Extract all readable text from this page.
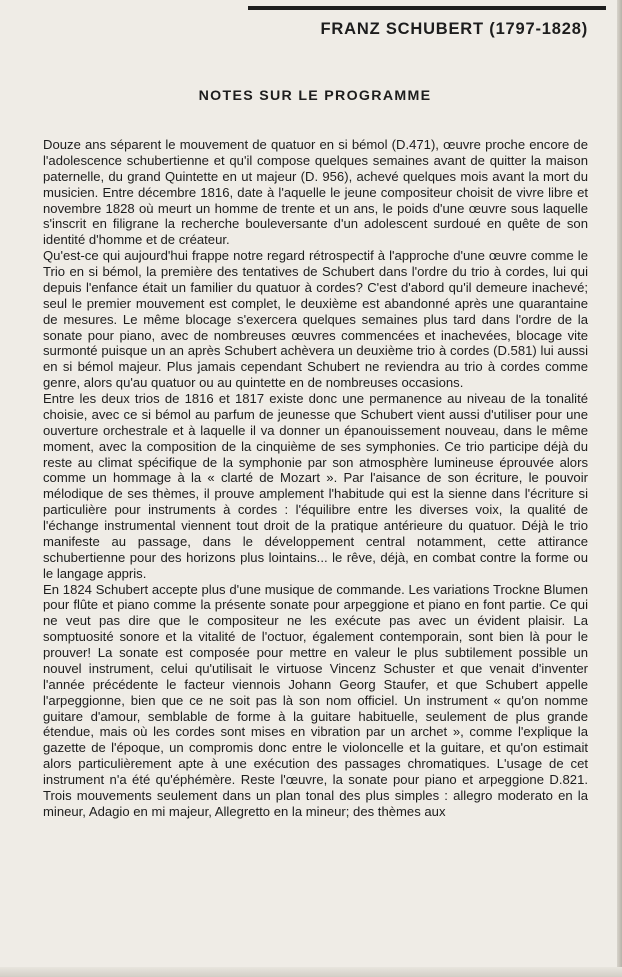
FRANZ SCHUBERT (1797-1828)
NOTES SUR LE PROGRAMME

Douze ans séparent le mouvement de quatuor en si bémol (D.471), œuvre proche encore de l'adolescence schubertienne et qu'il compose quelques semaines avant de quitter la maison paternelle, du grand Quintette en ut majeur (D. 956), achevé quelques mois avant la mort du musicien. Entre décembre 1816, date à l'aquelle le jeune compositeur choisit de vivre libre et novembre 1828 où meurt un homme de trente et un ans, le poids d'une œuvre sous laquelle s'inscrit en filigrane la recherche bouleversante d'un adolescent surdoué en quête de son identité d'homme et de créateur.

Qu'est-ce qui aujourd'hui frappe notre regard rétrospectif à l'approche d'une œuvre comme le Trio en si bémol, la première des tentatives de Schubert dans l'ordre du trio à cordes, lui qui depuis l'enfance était un familier du quatuor à cordes? C'est d'abord qu'il demeure inachevé; seul le premier mouvement est complet, le deuxième est abandonné après une quarantaine de mesures. Le même blocage s'exercera quelques semaines plus tard dans l'ordre de la sonate pour piano, avec de nombreuses œuvres commencées et inachevées, blocage vite surmonté puisque un an après Schubert achèvera un deuxième trio à cordes (D.581) lui aussi en si bémol majeur. Plus jamais cependant Schubert ne reviendra au trio à cordes comme genre, alors qu'au quatuor ou au quintette en de nombreuses occasions.

Entre les deux trios de 1816 et 1817 existe donc une permanence au niveau de la tonalité choisie, avec ce si bémol au parfum de jeunesse que Schubert vient aussi d'utiliser pour une ouverture orchestrale et à laquelle il va donner un épanouissement nouveau, dans le même moment, avec la composition de la cinquième de ses symphonies. Ce trio participe déjà du reste au climat spécifique de la symphonie par son atmosphère lumineuse éprouvée alors comme un hommage à la « clarté de Mozart ». Par l'aisance de son écriture, le pouvoir mélodique de ses thèmes, il prouve amplement l'habitude qui est la sienne dans l'écriture si particulière pour instruments à cordes : l'équilibre entre les diverses voix, la qualité de l'échange instrumental viennent tout droit de la pratique antérieure du quatuor. Déjà le trio manifeste au passage, dans le développement central notamment, cette attirance schubertienne pour des horizons plus lointains... le rêve, déjà, en combat contre la forme ou le langage appris.

En 1824 Schubert accepte plus d'une musique de commande. Les variations Trockne Blumen pour flûte et piano comme la présente sonate pour arpeggione et piano en font partie. Ce qui ne veut pas dire que le compositeur ne les exécute pas avec un évident plaisir. La somptuosité sonore et la vitalité de l'octuor, également contemporain, sont bien là pour le prouver! La sonate est composée pour mettre en valeur le plus subtilement possible un nouvel instrument, celui qu'utilisait le virtuose Vincenz Schuster et que venait d'inventer l'année précédente le facteur viennois Johann Georg Staufer, et que Schubert appelle l'arpeggionne, bien que ce ne soit pas là son nom officiel. Un instrument « qu'on nomme guitare d'amour, semblable de forme à la guitare habituelle, seulement de plus grande étendue, mais où les cordes sont mises en vibration par un archet », comme l'explique la gazette de l'époque, un compromis donc entre le violoncelle et la guitare, et qu'on estimait alors particulièrement apte à une exécution des passages chromatiques. L'usage de cet instrument n'a été qu'éphémère. Reste l'œuvre, la sonate pour piano et arpeggione D.821. Trois mouvements seulement dans un plan tonal des plus simples : allegro moderato en la mineur, Adagio en mi majeur, Allegretto en la mineur; des thèmes aux
